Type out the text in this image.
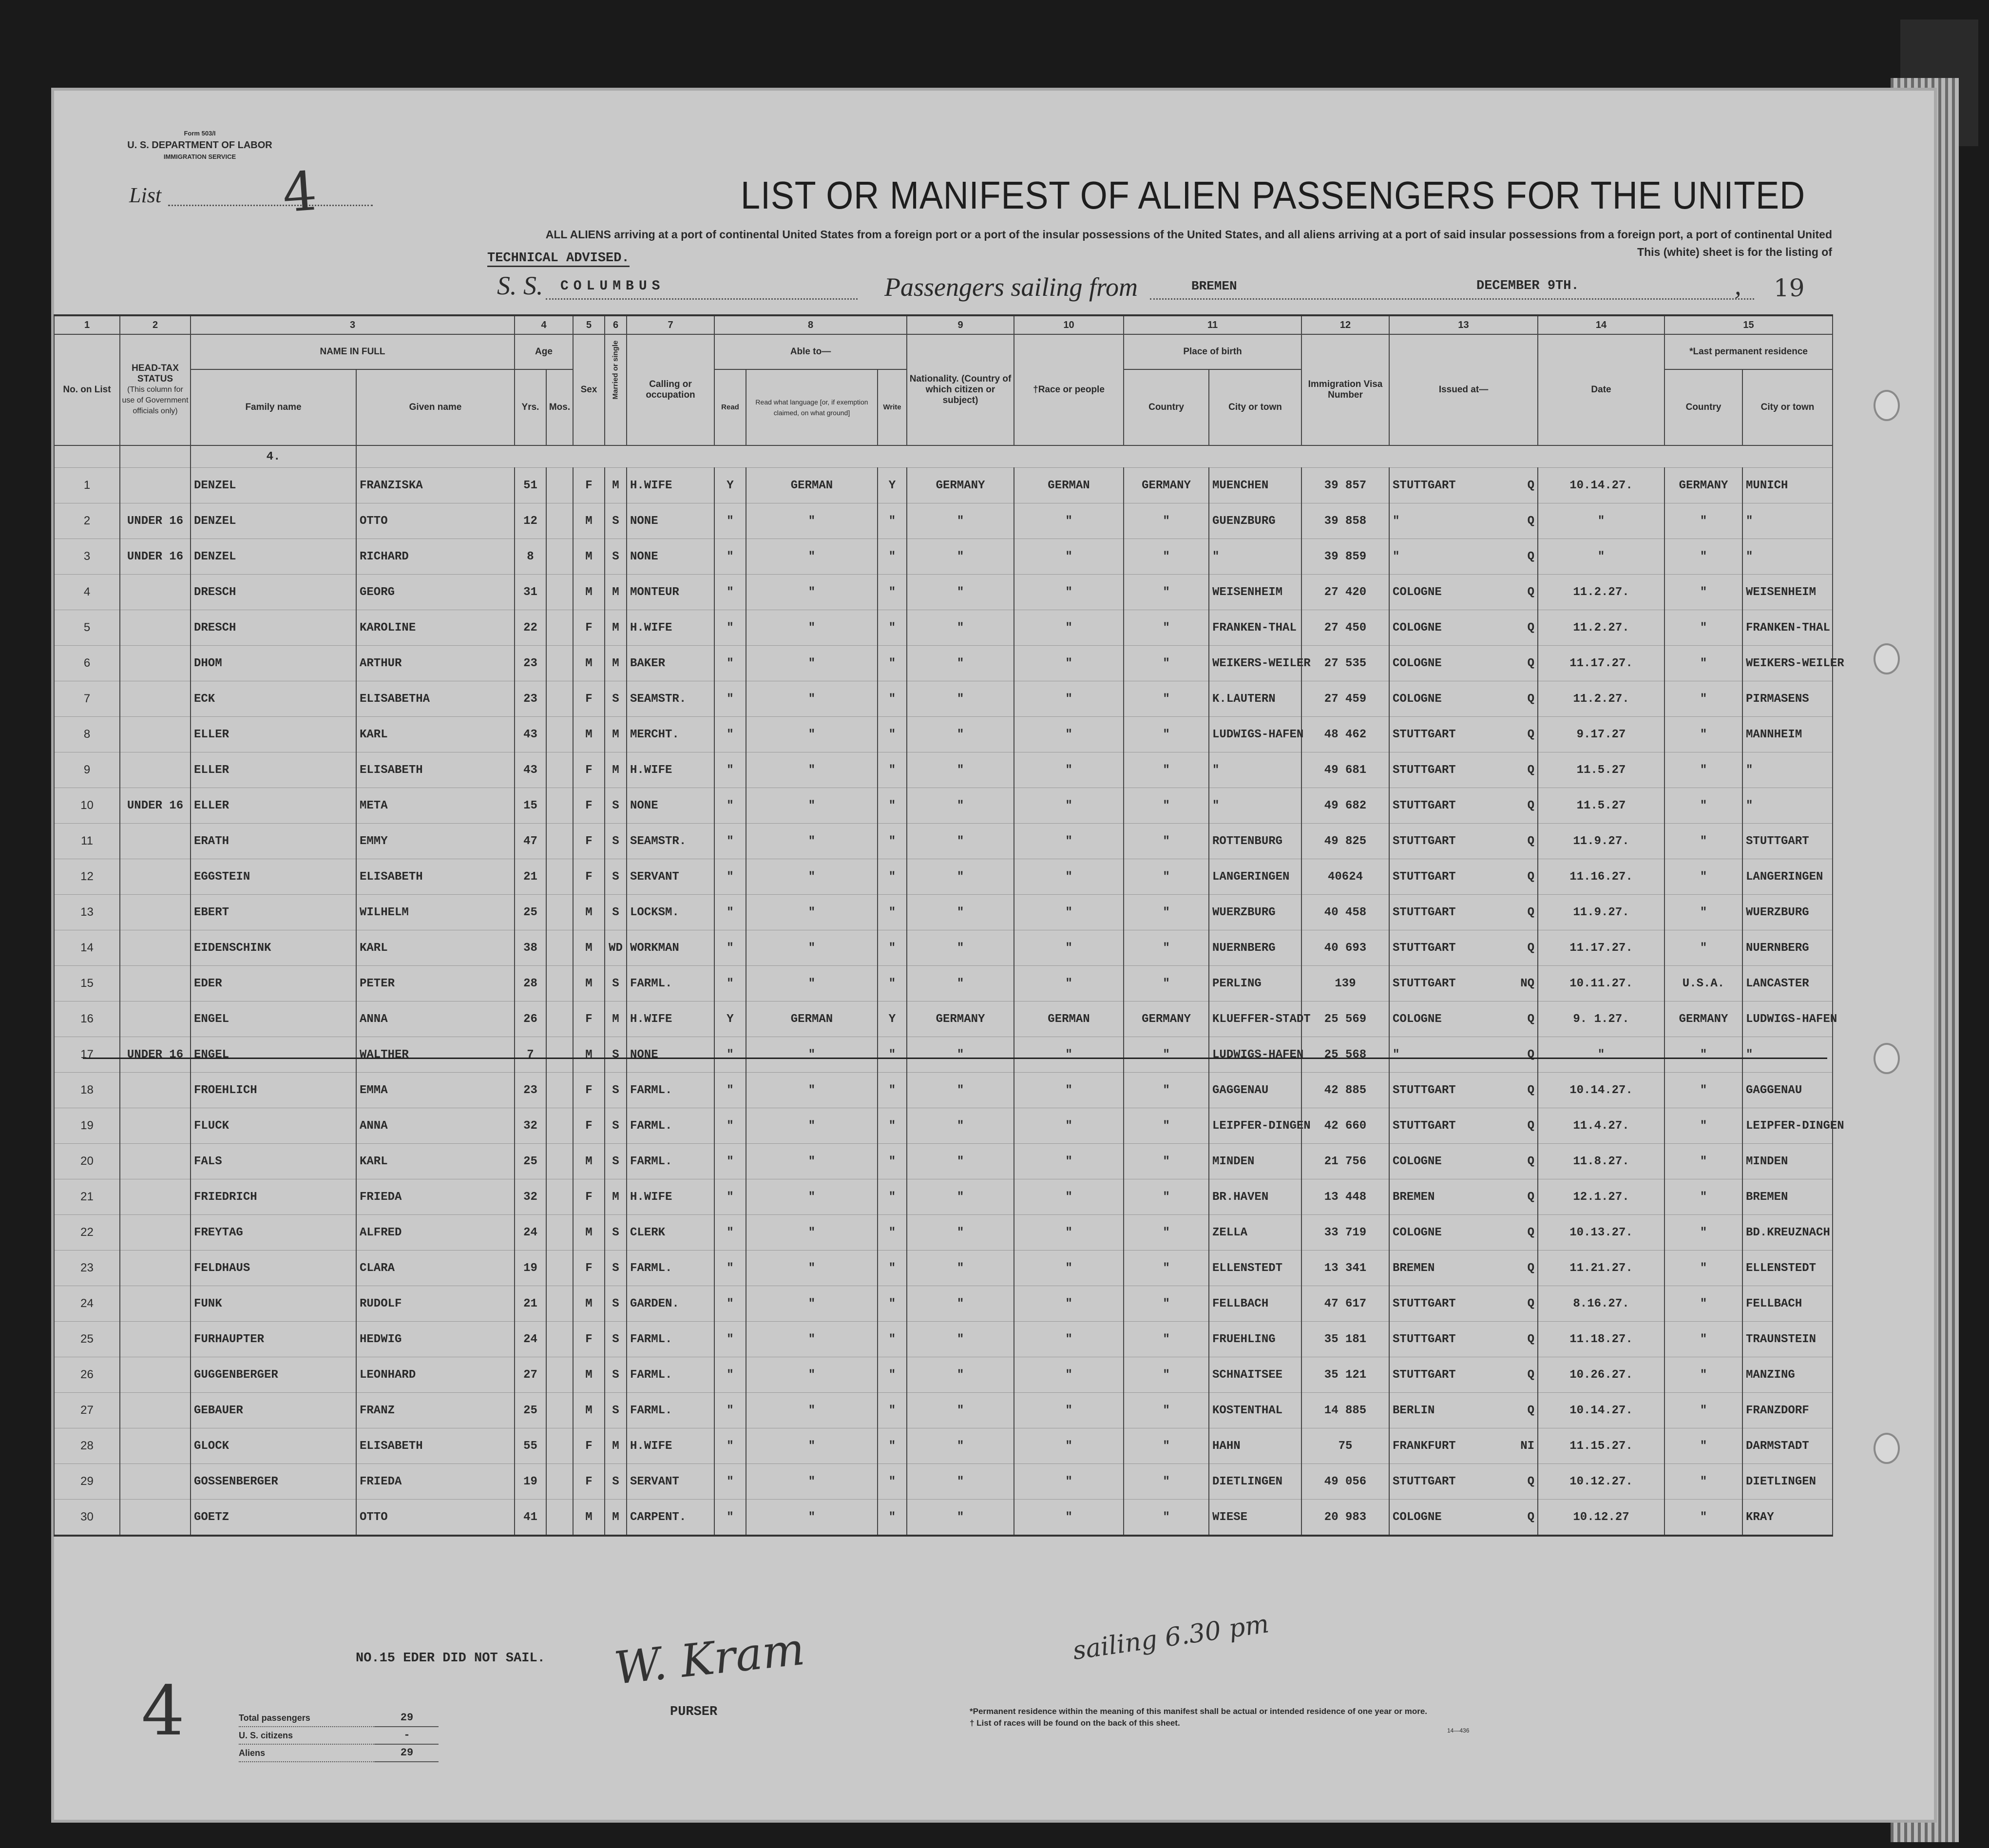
Form 503/I
U. S. DEPARTMENT OF LABOR
IMMIGRATION SERVICE
List 4	LIST OR MANIFEST OF ALIEN PASSENGERS FOR THE UNITED
ALL ALIENS arriving at a port of continental United States from a foreign port or a port of the insular possessions of the United States, and all aliens arriving at a port of said insular possessions from a foreign port, a port of continental United
This (white) sheet is for the listing of
TECHNICAL ADVISED.
S. S. COLUMBUS	Passengers sailing from	BREMEN	DECEMBER 9TH.	, 19
1	2	3		4		5	6	7	8			9	10	11		12	13	14	15	
No. on List	HEAD-TAX STATUS
(This column for use of Government officials only)	NAME IN FULL		Age		Sex	Married or single	Calling or occupation	Able to—			Nationality. (Country of which citizen or subject)	†Race or people	Place of birth		Immigration Visa Number	Issued at—	Date	*Last permanent residence	
		Family name	Given name	Yrs.	Mos.				Read	Read what language [or, if exemption claimed, on what ground]	Write			Country	City or town				Country	City or town

		4.																		
1		DENZEL	FRANZISKA	51		F	M	H.WIFE	Y	GERMAN	Y	GERMANY	GERMAN	GERMANY	MUENCHEN	39 857	STUTTGART Q	10.14.27.	GERMANY	MUNICH
2	UNDER 16	DENZEL	OTTO	12		M	S	NONE	"	"	"	"	"	"	GUENZBURG	39 858	" Q	"	"	"
3	UNDER 16	DENZEL	RICHARD	8		M	S	NONE	"	"	"	"	"	"	"	39 859	" Q	"	"	"
4		DRESCH	GEORG	31		M	M	MONTEUR	"	"	"	"	"	"	WEISENHEIM	27 420	COLOGNE Q	11.2.27.	"	WEISENHEIM
5		DRESCH	KAROLINE	22		F	M	H.WIFE	"	"	"	"	"	"	FRANKEN-THAL	27 450	COLOGNE Q	11.2.27.	"	FRANKEN-THAL
6		DHOM	ARTHUR	23		M	M	BAKER	"	"	"	"	"	"	WEIKERS-WEILER	27 535	COLOGNE Q	11.17.27.	"	WEIKERS-WEILER
7		ECK	ELISABETHA	23		F	S	SEAMSTR.	"	"	"	"	"	"	K.LAUTERN	27 459	COLOGNE Q	11.2.27.	"	PIRMASENS
8		ELLER	KARL	43		M	M	MERCHT.	"	"	"	"	"	"	LUDWIGS-HAFEN	48 462	STUTTGART Q	9.17.27	"	MANNHEIM
9		ELLER	ELISABETH	43		F	M	H.WIFE	"	"	"	"	"	"	"	49 681	STUTTGART Q	11.5.27	"	"
10	UNDER 16	ELLER	META	15		F	S	NONE	"	"	"	"	"	"	"	49 682	STUTTGART Q	11.5.27	"	"
11		ERATH	EMMY	47		F	S	SEAMSTR.	"	"	"	"	"	"	ROTTENBURG	49 825	STUTTGART Q	11.9.27.	"	STUTTGART
12		EGGSTEIN	ELISABETH	21		F	S	SERVANT	"	"	"	"	"	"	LANGERINGEN	40624	STUTTGART Q	11.16.27.	"	LANGERINGEN
13		EBERT	WILHELM	25		M	S	LOCKSM.	"	"	"	"	"	"	WUERZBURG	40 458	STUTTGART Q	11.9.27.	"	WUERZBURG
14		EIDENSCHINK	KARL	38		M	WD	WORKMAN	"	"	"	"	"	"	NUERNBERG	40 693	STUTTGART Q	11.17.27.	"	NUERNBERG
15		EDER	PETER	28		M	S	FARML.	"	"	"	"	"	"	PERLING	139	STUTTGART NQ	10.11.27.	U.S.A.	LANCASTER
16		ENGEL	ANNA	26		F	M	H.WIFE	Y	GERMAN	Y	GERMANY	GERMAN	GERMANY	KLUEFFER-STADT	25 569	COLOGNE Q	9. 1.27.	GERMANY	LUDWIGS-HAFEN
17	UNDER 16	ENGEL	WALTHER	7		M	S	NONE	"	"	"	"	"	"	LUDWIGS-HAFEN	25 568	" Q	"	"	"
18		FROEHLICH	EMMA	23		F	S	FARML.	"	"	"	"	"	"	GAGGENAU	42 885	STUTTGART Q	10.14.27.	"	GAGGENAU
19		FLUCK	ANNA	32		F	S	FARML.	"	"	"	"	"	"	LEIPFER-DINGEN	42 660	STUTTGART Q	11.4.27.	"	LEIPFER-DINGEN
20		FALS	KARL	25		M	S	FARML.	"	"	"	"	"	"	MINDEN	21 756	COLOGNE Q	11.8.27.	"	MINDEN
21		FRIEDRICH	FRIEDA	32		F	M	H.WIFE	"	"	"	"	"	"	BR.HAVEN	13 448	BREMEN Q	12.1.27.	"	BREMEN
22		FREYTAG	ALFRED	24		M	S	CLERK	"	"	"	"	"	"	ZELLA	33 719	COLOGNE Q	10.13.27.	"	BD.KREUZNACH
23		FELDHAUS	CLARA	19		F	S	FARML.	"	"	"	"	"	"	ELLENSTEDT	13 341	BREMEN Q	11.21.27.	"	ELLENSTEDT
24		FUNK	RUDOLF	21		M	S	GARDEN.	"	"	"	"	"	"	FELLBACH	47 617	STUTTGART Q	8.16.27.	"	FELLBACH
25		FURHAUPTER	HEDWIG	24		F	S	FARML.	"	"	"	"	"	"	FRUEHLING	35 181	STUTTGART Q	11.18.27.	"	TRAUNSTEIN
26		GUGGENBERGER	LEONHARD	27		M	S	FARML.	"	"	"	"	"	"	SCHNAITSEE	35 121	STUTTGART Q	10.26.27.	"	MANZING
27		GEBAUER	FRANZ	25		M	S	FARML.	"	"	"	"	"	"	KOSTENTHAL	14 885	BERLIN Q	10.14.27.	"	FRANZDORF
28		GLOCK	ELISABETH	55		F	M	H.WIFE	"	"	"	"	"	"	HAHN	75	FRANKFURT NI	11.15.27.	"	DARMSTADT
29		GOSSENBERGER	FRIEDA	19		F	S	SERVANT	"	"	"	"	"	"	DIETLINGEN	49 056	STUTTGART Q	10.12.27.	"	DIETLINGEN
30		GOETZ	OTTO	41		M	M	CARPENT.	"	"	"	"	"	"	WIESE	20 983	COLOGNE Q	10.12.27	"	KRAY
NO.15 EDER DID NOT SAIL. W. Kram	sailing 6.30 pm
PURSER
4	Total passengers	29
U. S. citizens	-
Aliens	29
*Permanent residence within the meaning of this manifest shall be actual or intended residence of one year or more.
† List of races will be found on the back of this sheet.
14—436
